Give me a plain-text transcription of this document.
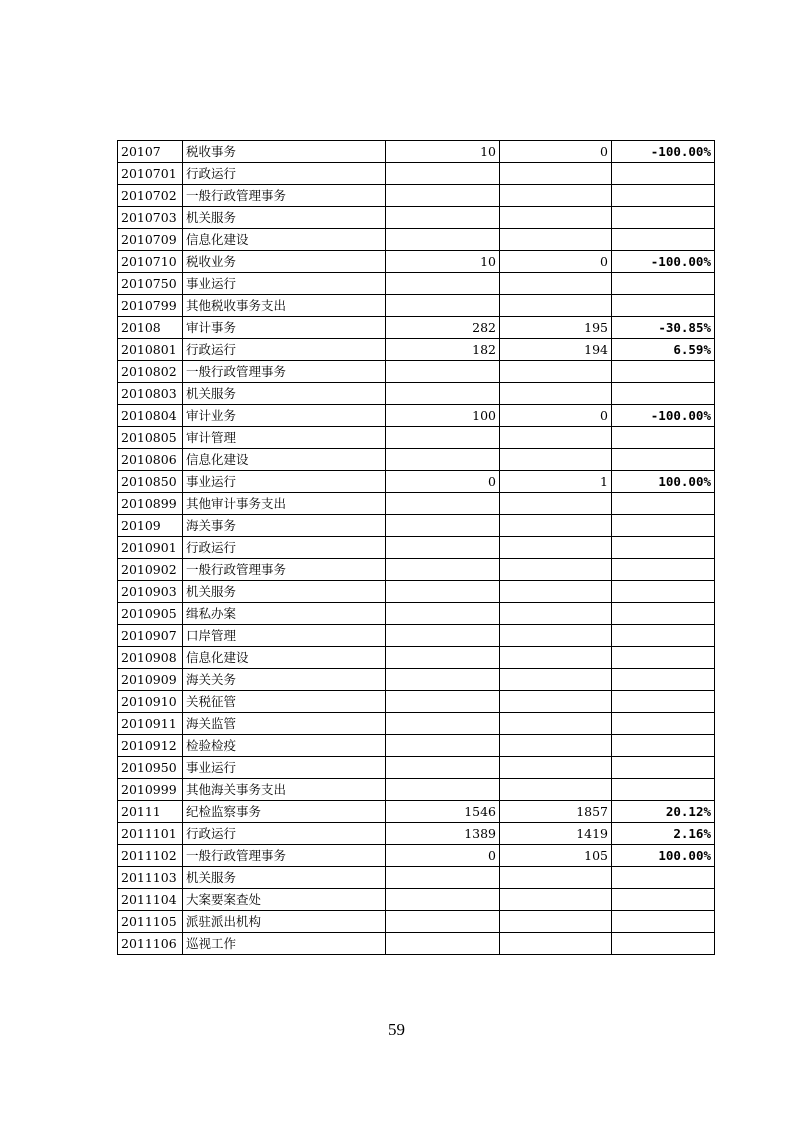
20107	税收事务	10	0	-100.00%
2010701	行政运行			
2010702	一般行政管理事务			
2010703	机关服务			
2010709	信息化建设			
2010710	税收业务	10	0	-100.00%
2010750	事业运行			
2010799	其他税收事务支出			
20108	审计事务	282	195	-30.85%
2010801	行政运行	182	194	6.59%
2010802	一般行政管理事务			
2010803	机关服务			
2010804	审计业务	100	0	-100.00%
2010805	审计管理			
2010806	信息化建设			
2010850	事业运行	0	1	100.00%
2010899	其他审计事务支出			
20109	海关事务			
2010901	行政运行			
2010902	一般行政管理事务			
2010903	机关服务			
2010905	缉私办案			
2010907	口岸管理			
2010908	信息化建设			
2010909	海关关务			
2010910	关税征管			
2010911	海关监管			
2010912	检验检疫			
2010950	事业运行			
2010999	其他海关事务支出			
20111	纪检监察事务	1546	1857	20.12%
2011101	行政运行	1389	1419	2.16%
2011102	一般行政管理事务	0	105	100.00%
2011103	机关服务			
2011104	大案要案查处			
2011105	派驻派出机构			
2011106	巡视工作			
59
